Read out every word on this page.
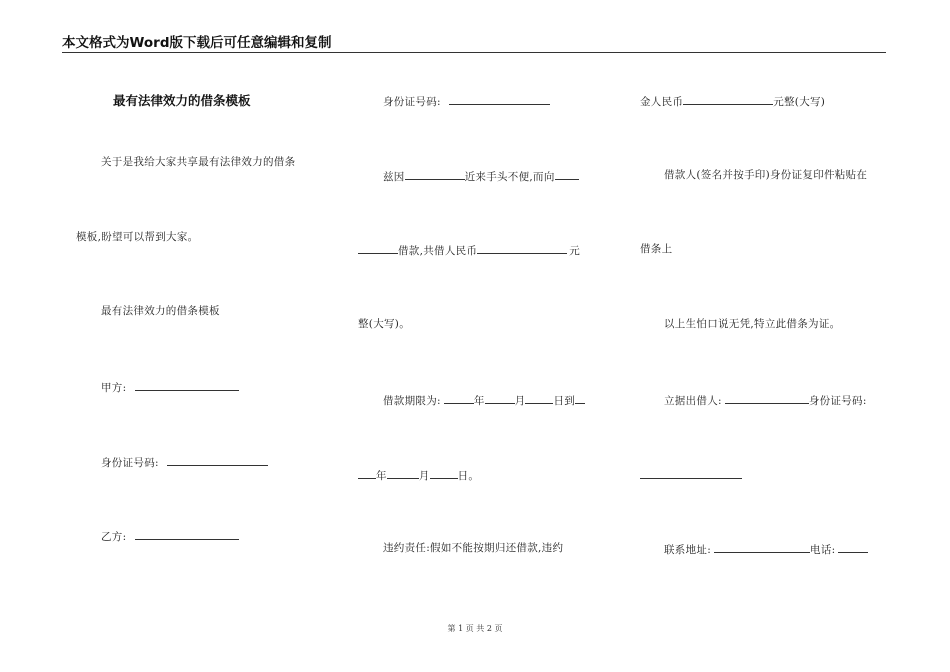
本文格式为Word版下载后可任意编辑和复制
最有法律效力的借条模板
关于是我给大家共享最有法律效力的借条
模板,盼望可以帮到大家。
最有法律效力的借条模板
甲方:
身份证号码:
乙方:
身份证号码:
兹因	近来手头不便,而向
借款,共借人民币	元
整(大写)。
借款期限为:	年	月	日到
年	月	日。
违约责任:假如不能按期归还借款,违约
金人民币	元整(大写)
借款人(签名并按手印)身份证复印件粘贴在
借条上
以上生怕口说无凭,特立此借条为证。
立据出借人:	身份证号码:
联系地址:	电话:
第 1 页 共 2 页
